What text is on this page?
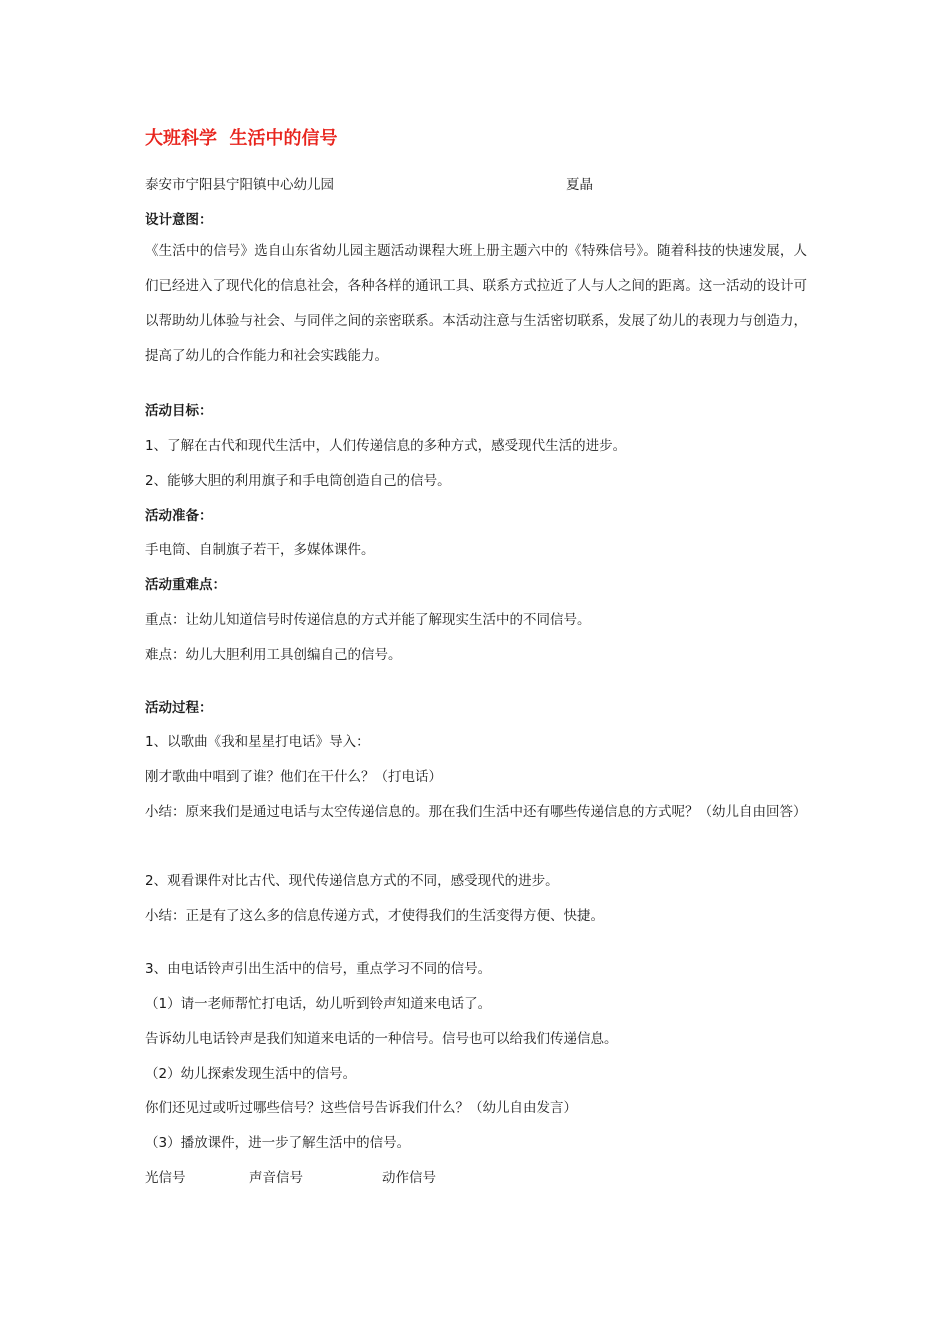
大班科学  生活中的信号
泰安市宁阳县宁阳镇中心幼儿园	夏晶
设计意图：
《生活中的信号》选自山东省幼儿园主题活动课程大班上册主题六中的《特殊信号》。随着科技的快速发展，人们已经进入了现代化的信息社会，各种各样的通讯工具、联系方式拉近了人与人之间的距离。这一活动的设计可以帮助幼儿体验与社会、与同伴之间的亲密联系。本活动注意与生活密切联系，发展了幼儿的表现力与创造力，提高了幼儿的合作能力和社会实践能力。
活动目标：
1、了解在古代和现代生活中，人们传递信息的多种方式，感受现代生活的进步。
2、能够大胆的利用旗子和手电筒创造自己的信号。
活动准备：
手电筒、自制旗子若干，多媒体课件。
活动重难点：
重点：让幼儿知道信号时传递信息的方式并能了解现实生活中的不同信号。
难点：幼儿大胆利用工具创编自己的信号。
活动过程：
1、以歌曲《我和星星打电话》导入：
刚才歌曲中唱到了谁？他们在干什么？（打电话）
小结：原来我们是通过电话与太空传递信息的。那在我们生活中还有哪些传递信息的方式呢？（幼儿自由回答）
2、观看课件对比古代、现代传递信息方式的不同，感受现代的进步。
小结：正是有了这么多的信息传递方式，才使得我们的生活变得方便、快捷。
3、由电话铃声引出生活中的信号，重点学习不同的信号。
（1）请一老师帮忙打电话，幼儿听到铃声知道来电话了。
告诉幼儿电话铃声是我们知道来电话的一种信号。信号也可以给我们传递信息。
（2）幼儿探索发现生活中的信号。
你们还见过或听过哪些信号？这些信号告诉我们什么？（幼儿自由发言）
（3）播放课件，进一步了解生活中的信号。
光信号	声音信号	动作信号
